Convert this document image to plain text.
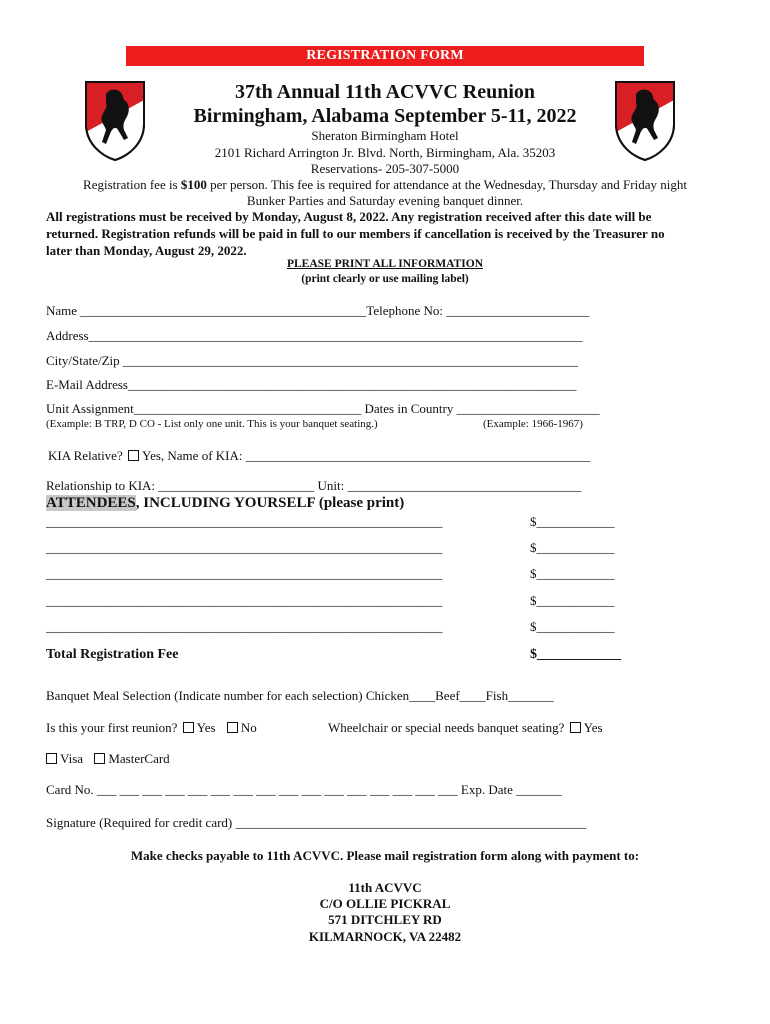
REGISTRATION FORM
37th Annual 11th ACVVC Reunion
Birmingham, Alabama September 5-11, 2022
Sheraton Birmingham Hotel
2101 Richard Arrington Jr. Blvd. North, Birmingham, Ala. 35203
Reservations- 205-307-5000
Registration fee is $100 per person. This fee is required for attendance at the Wednesday, Thursday and Friday night
Bunker Parties and Saturday evening banquet dinner.
All registrations must be received by Monday, August 8, 2022. Any registration received after this date will be
returned. Registration refunds will be paid in full to our members if cancellation is received by the Treasurer no
later than Monday, August 29, 2022.
PLEASE PRINT ALL INFORMATION
(print clearly or use mailing label)
Name ____________________________________________Telephone No: ______________________
Address____________________________________________________________________________
City/State/Zip ______________________________________________________________________
E-Mail Address_____________________________________________________________________
Unit Assignment___________________________________ Dates in Country ______________________
(Example: B TRP, D CO - List only one unit. This is your banquet seating.)	(Example: 1966-1967)
KIA Relative? Yes, Name of KIA: _____________________________________________________
Relationship to KIA: ________________________ Unit: ____________________________________
ATTENDEES, INCLUDING YOURSELF (please print)
_____________________________________________________________	$____________
_____________________________________________________________	$____________
_____________________________________________________________	$____________
_____________________________________________________________	$____________
_____________________________________________________________	$____________
Total Registration Fee	$____________
Banquet Meal Selection (Indicate number for each selection) Chicken____Beef____Fish_______
Is this your first reunion? Yes No	Wheelchair or special needs banquet seating? Yes
Visa MasterCard
Card No. ___ ___ ___ ___ ___ ___ ___ ___ ___ ___ ___ ___ ___ ___ ___ ___ Exp. Date _______
Signature (Required for credit card) ______________________________________________________
Make checks payable to 11th ACVVC. Please mail registration form along with payment to:
11th ACVVC
C/O OLLIE PICKRAL
571 DITCHLEY RD
KILMARNOCK, VA 22482
